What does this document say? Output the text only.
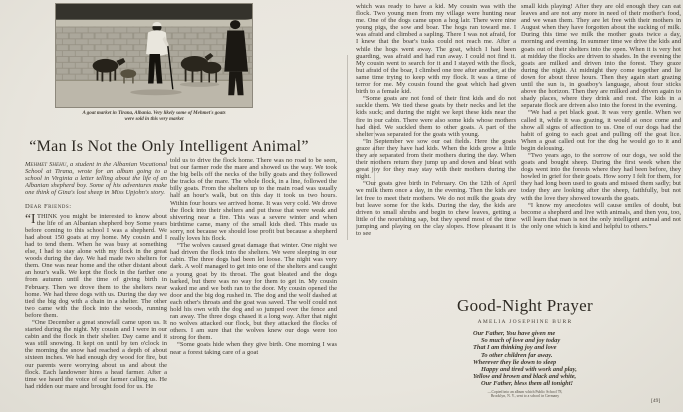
A goat market in Tirana, Albania. Very likely some of Mehmet's goats
were sold in this very market
“Man Is Not the Only Intelligent Animal”

Mehmet Shehu, a student in the Albanian Vocational School at Tirana, wrote for an album going to a school in Virginia a letter telling about the life of an Albanian shepherd boy. Some of his adventures make one think of Gina's lost sheep in Miss Upjohn's story.

Dear Friends:

“ITHINK you might be interested to know about the life of an Albanian shepherd boy Some years before coming to this school I was a shepherd. We had about 150 goats at my home. My cousin and I had to tend them. When he was busy at something else, I had to stay alone with my flock in the great woods during the day. We had made two shelters for them. One was near home and the other distant about an hour's walk. We kept the flock in the farther one from autumn until the time of giving birth in February. Then we drove them to the shelters near home. We had three dogs with us. During the day we tied the big dog with a chain in a shelter. The other two came with the flock into the woods, running before them.

“One December a great snowfall came upon us. It started during the night. My cousin and I were in our cabin and the flock in their shelter. Day came and it was still snowing. It kept on until by ten o'clock in the morning the snow had reached a depth of about sixteen inches. We had enough dry wood for fire, but our parents were worrying about us and about the flock. Each landowner hires a head farmer. After a time we heard the voice of our farmer calling us. He had ridden our mare and brought food for us. He

told us to drive the flock home. There was no road to be seen, but our farmer rode the mare and showed us the way. We took the big bells off the necks of the billy goats and they followed the tracks of the mare. The whole flock, in a line, followed the billy goats. From the shelters up to the main road was usually half an hour's walk, but on this day it took us two hours. Within four hours we arrived home. It was very cold. We drove the flock into their shelters and put those that were weak and shivering near a fire. This was a severe winter and when birthtime came, many of the small kids died. This made us sorry, not because we should lose profit but because a shepherd really loves his flock.

“The wolves caused great damage that winter. One night we had driven the flock into the shelters. We were sleeping in our cabin. The three dogs had been let loose. The night was very dark. A wolf managed to get into one of the shelters and caught a young goat by its throat. The goat bleated and the dogs barked, but there was no way for them to get in. My cousin waked me and we both ran to the door. My cousin opened the door and the big dog rushed in. The dog and the wolf dashed at each other's throats and the goat was saved. The wolf could not hold his own with the dog and so jumped over the fence and ran away. The three dogs chased it a long way. After that night no wolves attacked our flock, but they attacked the flocks of others. I am sure that the wolves knew our dogs were too strong for them.

“Some goats hide when they give birth. One morning I was near a forest taking care of a goat

which was ready to have a kid. My cousin was with the flock. Two young men from my village were hunting near me. One of the dogs came upon a hog lair. There were nine young pigs, the sow and boar. The hogs ran toward me. I was afraid and climbed a sapling. There I was not afraid, for I knew that the boar's tusks could not reach me. After a while the hogs went away. The goat, which I had been guarding, was afraid and had run away. I could not find it. My cousin went to search for it and I stayed with the flock, but afraid of the boar, I climbed one tree after another, at the same time trying to keep with my flock. It was a time of terror for me. My cousin found the goat which had given birth to a female kid.

“Some goats are not fond of their first kids and do not suckle them. We tied these goats by their necks and let the kids suck; and during the night we kept these kids near the fire in our cabin. There were also some kids whose mothers had died. We suckled them to other goats. A part of the shelter was separated for the goats with young.

“In September we sow our oat fields. Here the goats graze after they have had kids. When the kids grow a little they are separated from their mothers during the day. When their mothers return they jump up and down and bleat with great joy for they may stay with their mothers during the night.

“Our goats give birth in February. On the 12th of April we milk them once a day, in the evening. Then the kids are let free to meet their mothers. We do not milk the goats dry but leave some for the kids. During the day, the kids are driven to small shrubs and begin to chew leaves, getting a little of the nourishing sap, but they spend most of the time jumping and playing on the clay slopes. How pleasant it is to see

small kids playing! After they are old enough they can eat leaves and are not any more in need of their mother's food, and we wean them. They are let free with their mothers in August when they have forgotten about the sucking of milk. During this time we milk the mother goats twice a day, morning and evening. In summer time we drive the kids and goats out of their shelters into the open. When it is very hot at midday the flocks are driven to shades. In the evening the goats are milked and driven into the forest. They graze during the night. At midnight they come together and lie down for about three hours. Then they again start grazing until the sun is, in goatboy's language, about four sticks above the horizon. Then they are milked and driven again to shady places, where they drink and rest. The kids in a separate flock are driven also into the forest in the evening.

“We had a pet black goat. It was very gentle. When we called it, while it was grazing, it would at once come and show all signs of affection to us. One of our dogs had the habit of going to each goat and pulling off the goat lice. When a goat called out for the dog he would go to it and begin delousing.

“Two years ago, to the sorrow of our dogs, we sold the goats and bought sheep. During the first week when the dogs went into the forests where they had been before, they howled in grief for their goats. How sorry I felt for them, for they had long been used to goats and missed them sadly; but today they are looking after the sheep, faithfully, but not with the love they showed towards the goats.

“I know my anecdotes will cause smiles of doubt, but become a shepherd and live with animals, and then you, too, will learn that man is not the only intelligent animal and not the only one which is kind and helpful to others.”

Good-Night Prayer
AMELIA JOSEPHINE BURR
Our Father, You have given me
So much of love and joy today
That I am thinking joy and love
To other children far away.
Wherever they lie down to sleep
Happy and tired with work and play,
Yellow and brown and black and white,
Our Father, bless them all tonight!
—Copied into an album which Public School 78,
Brooklyn, N. Y., sent to a school in Germany
[49]
